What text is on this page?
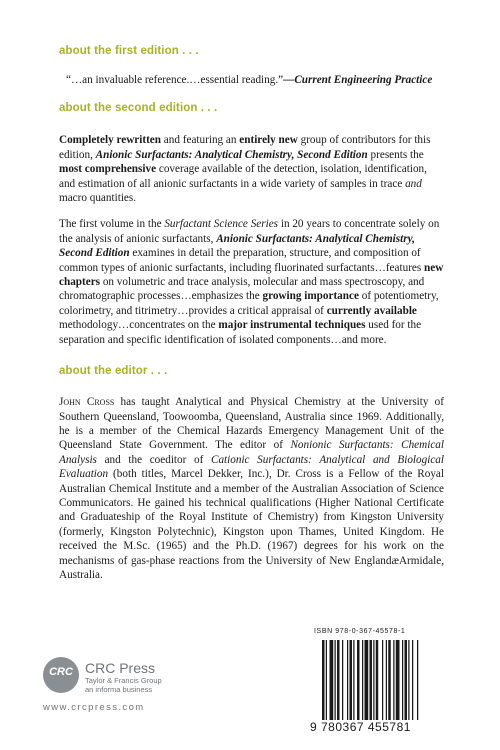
about the first edition . . .

“…an invaluable reference.…essential reading.”—Current Engineering Practice

about the second edition . . .

Completely rewritten and featuring an entirely new group of contributors for this edition, Anionic Surfactants: Analytical Chemistry, Second Edition presents the most comprehensive coverage available of the detection, isolation, identification, and estimation of all anionic surfactants in a wide variety of samples in trace and macro quantities.

The first volume in the Surfactant Science Series in 20 years to concentrate solely on the analysis of anionic surfactants, Anionic Surfactants: Analytical Chemistry, Second Edition examines in detail the preparation, structure, and composition of common types of anionic surfactants, including fluorinated surfactants…features new chapters on volumetric and trace analysis, molecular and mass spectroscopy, and chromatographic processes…emphasizes the growing importance of potentiometry, colorimetry, and titrimetry…provides a critical appraisal of currently available methodology…concentrates on the major instrumental techniques used for the separation and specific identification of isolated components…and more.

about the editor . . .

John Cross has taught Analytical and Physical Chemistry at the University of Southern Queensland, Toowoomba, Queensland, Australia since 1969. Additionally, he is a member of the Chemical Hazards Emergency Management Unit of the Queensland State Government. The editor of Nonionic Surfactants: Chemical Analysis and the coeditor of Cationic Surfactants: Analytical and Biological Evaluation (both titles, Marcel Dekker, Inc.), Dr. Cross is a Fellow of the Royal Australian Chemical Institute and a member of the Australian Association of Science Communicators. He gained his technical qualifications (Higher National Certificate and Graduateship of the Royal Institute of Chemistry) from Kingston University (formerly, Kingston Polytechnic), Kingston upon Thames, United Kingdom. He received the M.Sc. (1965) and the Ph.D. (1967) degrees for his work on the mechanisms of gas-phase reactions from the University of New EnglandæArmidale, Australia.

CRC CRC Press
Taylor & Francis Group
an informa business
www.crcpress.com
ISBN 978-0-367-45578-1
9 780367 455781
